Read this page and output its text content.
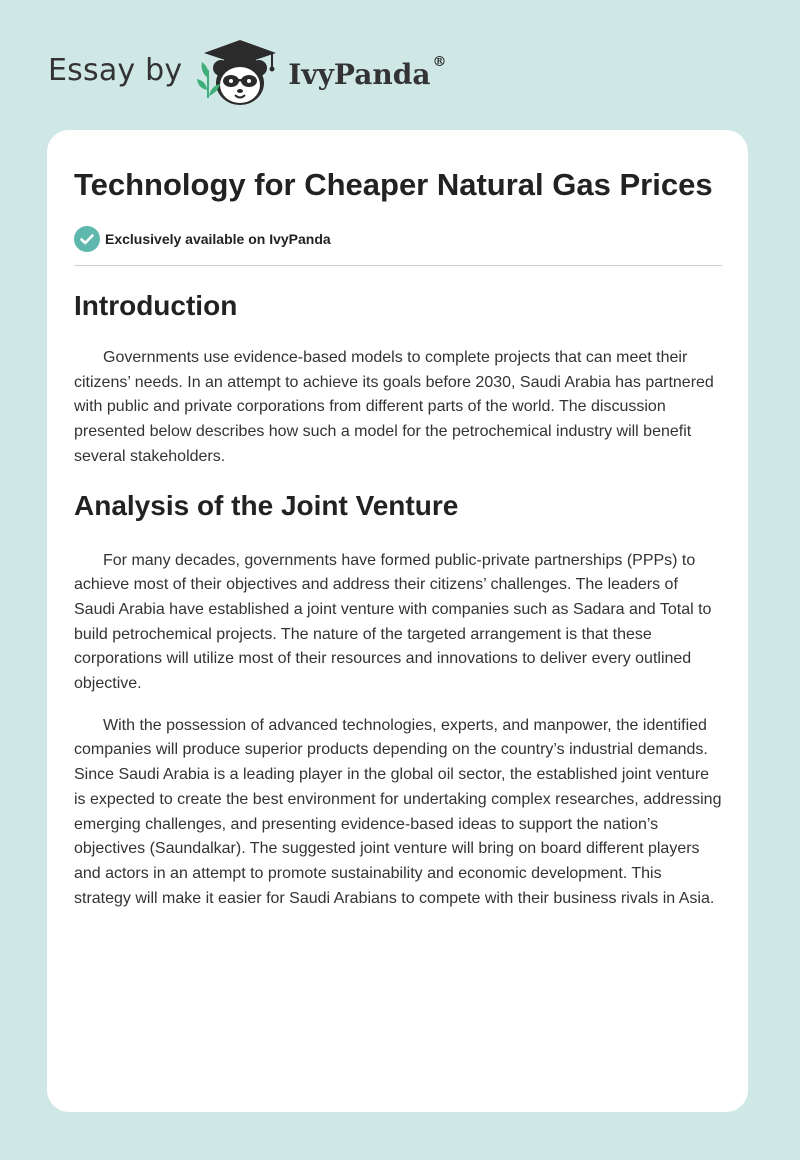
Essay by	IvyPanda ®
Technology for Cheaper Natural Gas Prices
Exclusively available on IvyPanda
Introduction

Governments use evidence-based models to complete projects that can meet their citizens’ needs. In an attempt to achieve its goals before 2030, Saudi Arabia has partnered with public and private corporations from different parts of the world. The discussion presented below describes how such a model for the petrochemical industry will benefit several stakeholders.

Analysis of the Joint Venture

For many decades, governments have formed public-private partnerships (PPPs) to achieve most of their objectives and address their citizens’ challenges. The leaders of Saudi Arabia have established a joint venture with companies such as Sadara and Total to build petrochemical projects. The nature of the targeted arrangement is that these corporations will utilize most of their resources and innovations to deliver every outlined objective.

With the possession of advanced technologies, experts, and manpower, the identified companies will produce superior products depending on the country’s industrial demands. Since Saudi Arabia is a leading player in the global oil sector, the established joint venture is expected to create the best environment for undertaking complex researches, addressing emerging challenges, and presenting evidence-based ideas to support the nation’s objectives (Saundalkar). The suggested joint venture will bring on board different players and actors in an attempt to promote sustainability and economic development. This strategy will make it easier for Saudi Arabians to compete with their business rivals in Asia.
